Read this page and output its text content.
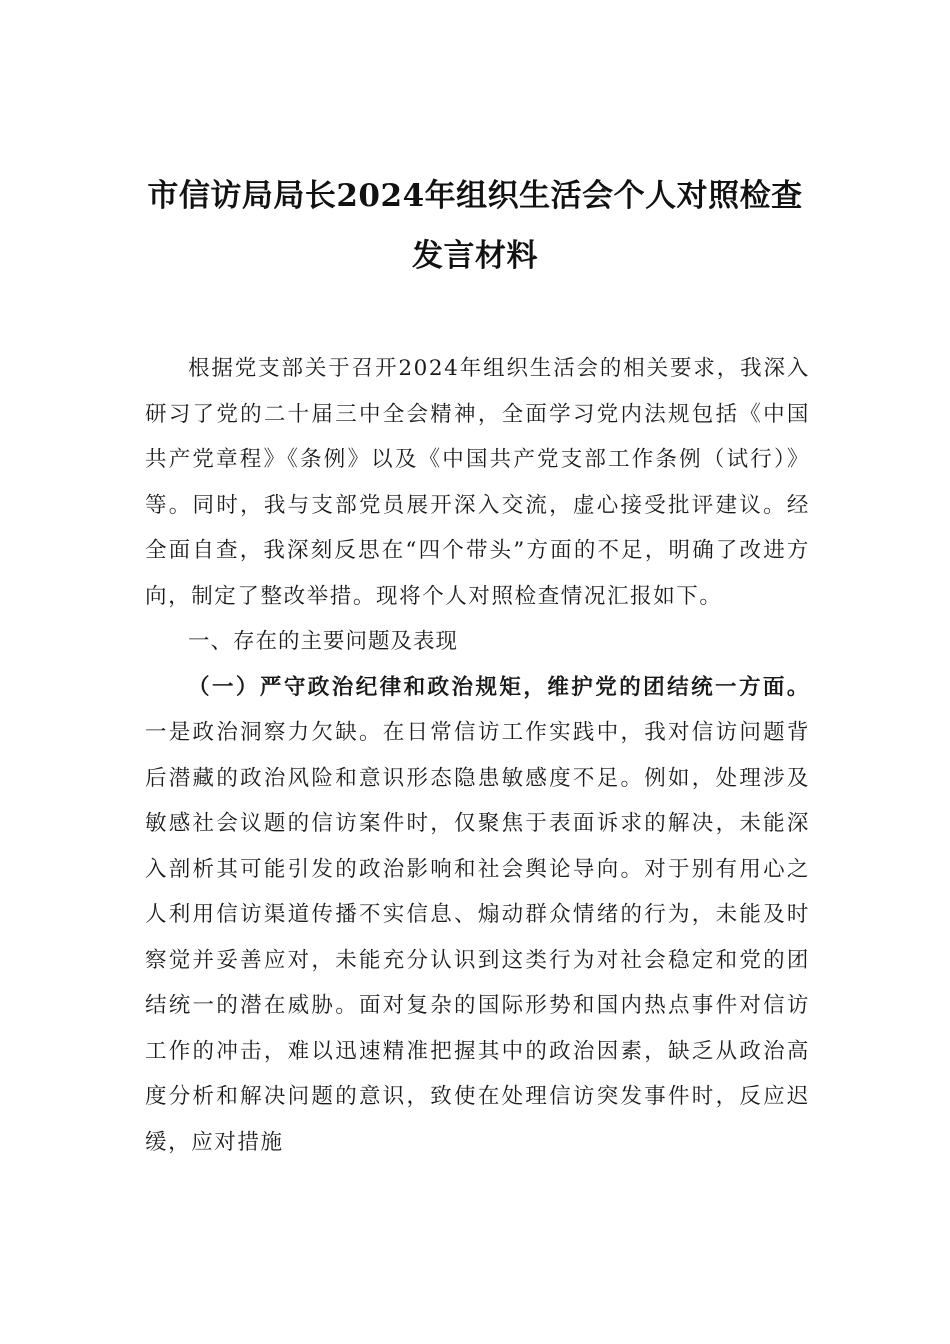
市信访局局长2024年组织生活会个人对照检查发言材料

根据党支部关于召开2024年组织生活会的相关要求，我深入研习了党的二十届三中全会精神，全面学习党内法规包括《中国共产党章程》《条例》以及《中国共产党支部工作条例（试行）》等。同时，我与支部党员展开深入交流，虚心接受批评建议。经全面自查，我深刻反思在“四个带头”方面的不足，明确了改进方向，制定了整改举措。现将个人对照检查情况汇报如下。

一、存在的主要问题及表现

（一）严守政治纪律和政治规矩，维护党的团结统一方面。一是政治洞察力欠缺。在日常信访工作实践中，我对信访问题背后潜藏的政治风险和意识形态隐患敏感度不足。例如，处理涉及敏感社会议题的信访案件时，仅聚焦于表面诉求的解决，未能深入剖析其可能引发的政治影响和社会舆论导向。对于别有用心之人利用信访渠道传播不实信息、煽动群众情绪的行为，未能及时察觉并妥善应对，未能充分认识到这类行为对社会稳定和党的团结统一的潜在威胁。面对复杂的国际形势和国内热点事件对信访工作的冲击，难以迅速精准把握其中的政治因素，缺乏从政治高度分析和解决问题的意识，致使在处理信访突发事件时，反应迟缓，应对措施
